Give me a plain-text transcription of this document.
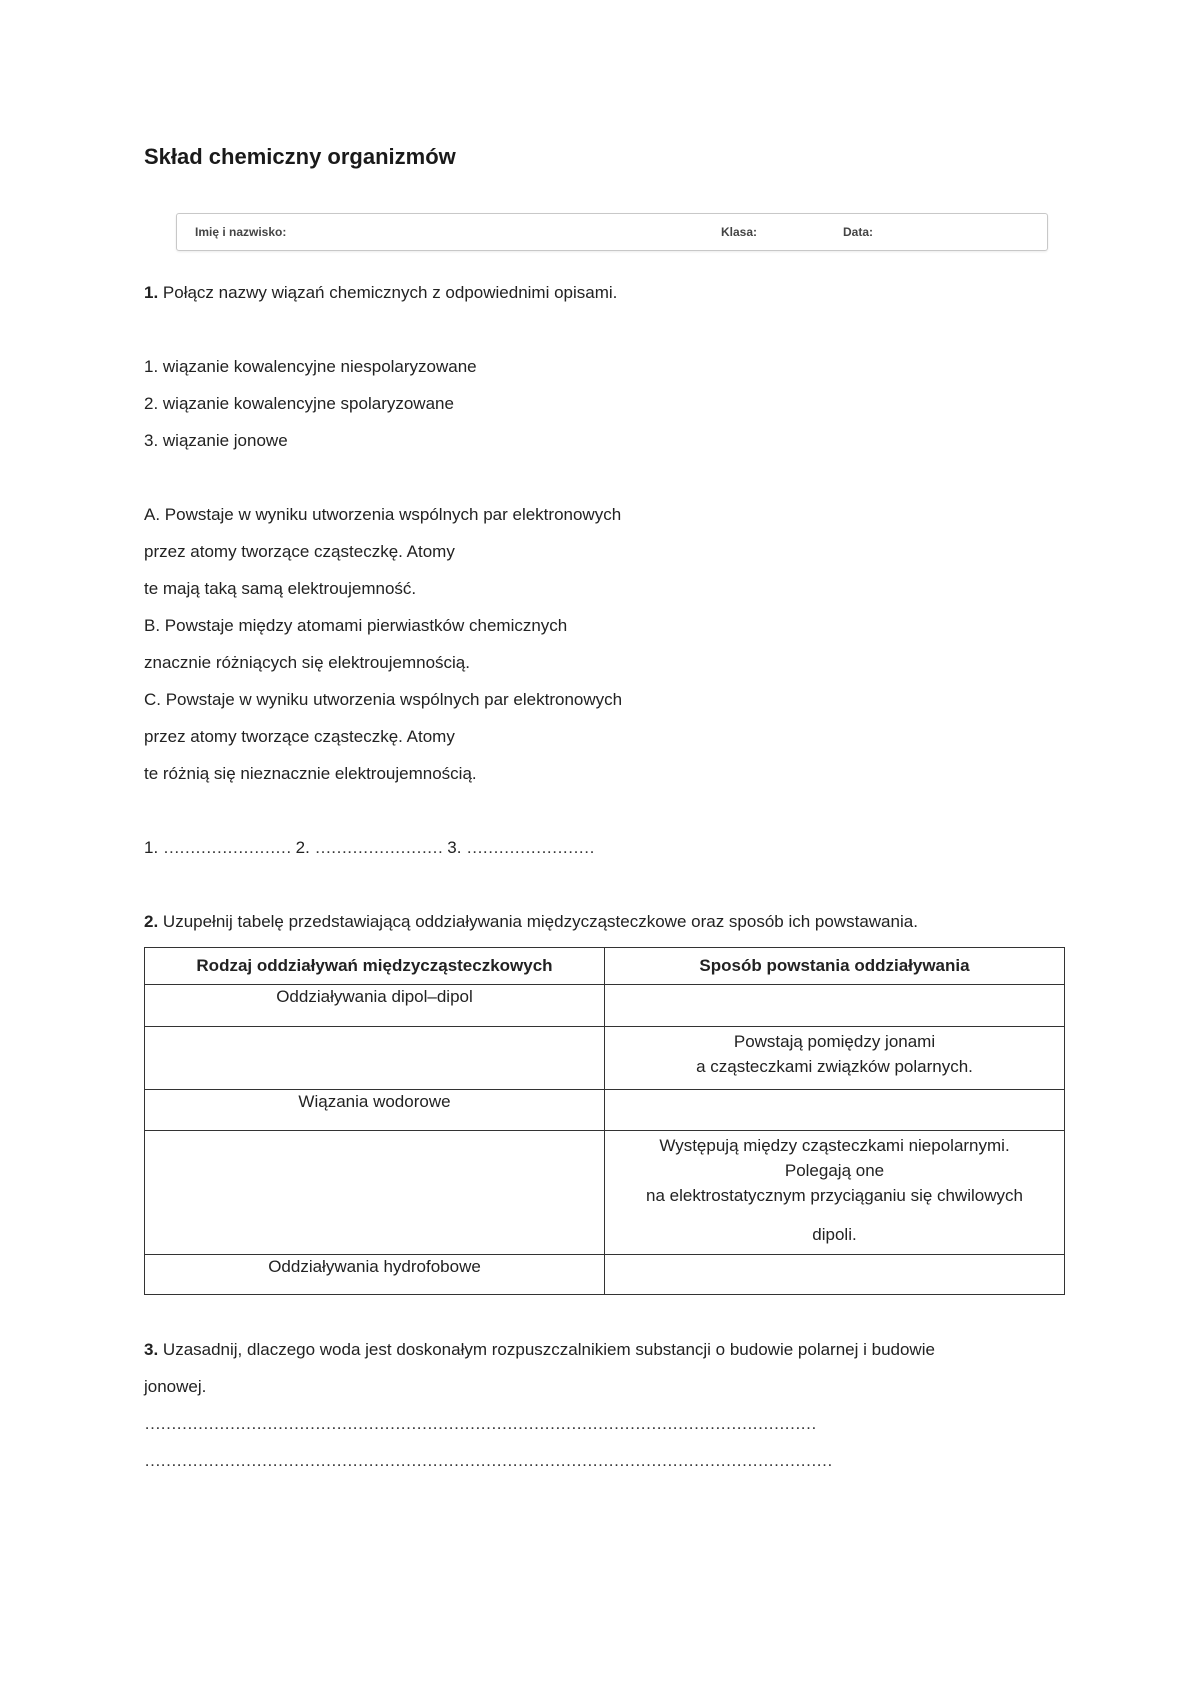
Skład chemiczny organizmów
Imię i nazwisko:	Klasa:	Data:
1. Połącz nazwy wiązań chemicznych z odpowiednimi opisami.
1. wiązanie kowalencyjne niespolaryzowane
2. wiązanie kowalencyjne spolaryzowane
3. wiązanie jonowe
A. Powstaje w wyniku utworzenia wspólnych par elektronowych
przez atomy tworzące cząsteczkę. Atomy
te mają taką samą elektroujemność.
B. Powstaje między atomami pierwiastków chemicznych
znacznie różniących się elektroujemnością.
C. Powstaje w wyniku utworzenia wspólnych par elektronowych
przez atomy tworzące cząsteczkę. Atomy
te różnią się nieznacznie elektroujemnością.
1. …………………… 2. …………………… 3. ……………………
2. Uzupełnij tabelę przedstawiającą oddziaływania międzycząsteczkowe oraz sposób ich powstawania.
Rodzaj oddziaływań międzycząsteczkowych	Sposób powstania oddziaływania
Oddziaływania dipol–dipol	

	Powstają pomiędzy jonami
a cząsteczkami związków polarnych.

Wiązania wodorowe	

	Występują między cząsteczkami niepolarnymi.
Polegają one
na elektrostatycznym przyciąganiu się chwilowych
dipoli.

Oddziaływania hydrofobowe	
3. Uzasadnij, dlaczego woda jest doskonałym rozpuszczalnikiem substancji o budowie polarnej i budowie
jonowej.
………………………………………………………………………………………………………………
…………………………………………………………………………………………………………………
